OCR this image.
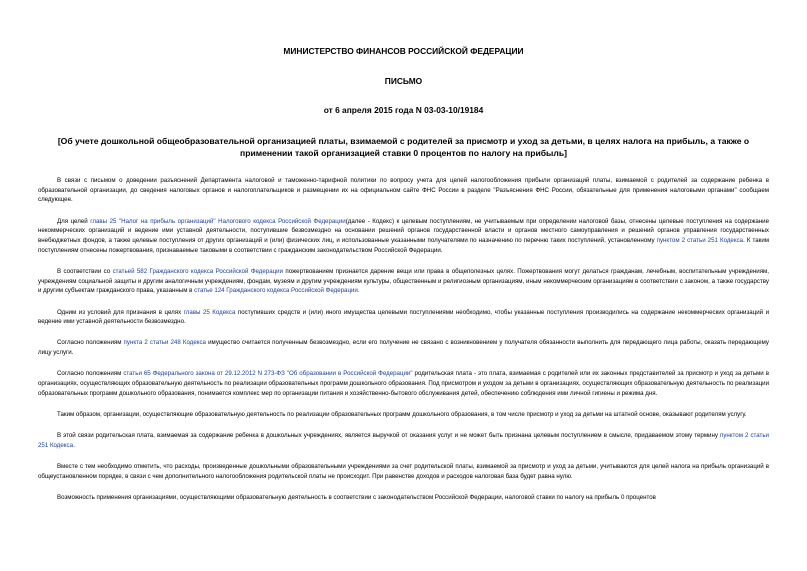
МИНИСТЕРСТВО ФИНАНСОВ РОССИЙСКОЙ ФЕДЕРАЦИИ
ПИСЬМО
от 6 апреля 2015 года N 03-03-10/19184
[Об учете дошкольной общеобразовательной организацией платы, взимаемой с родителей за присмотр и уход за детьми, в целях налога на прибыль, а также о применении такой организацией ставки 0 процентов по налогу на прибыль]

В связи с письмом о доведении разъяснений Департамента налоговой и таможенно-тарифной политики по вопросу учета для целей налогообложения прибыли организаций платы, взимаемой с родителей за содержание ребенка в образовательной организации, до сведения налоговых органов и налогоплательщиков и размещении их на официальном сайте ФНС России в разделе "Разъяснения ФНС России, обязательные для применения налоговыми органами" сообщаем следующее.

Для целей главы 25 "Налог на прибыль организаций" Налогового кодекса Российской Федерации(далее - Кодекс) к целевым поступлениям, не учитываемым при определении налоговой базы, отнесены целевые поступления на содержание некоммерческих организаций и ведение ими уставной деятельности, поступившие безвозмездно на основании решений органов государственной власти и органов местного самоуправления и решений органов управления государственных внебюджетных фондов, а также целевые поступления от других организаций и (или) физических лиц, и использованные указанными получателями по назначению по перечню таких поступлений, установленному пунктом 2 статьи 251 Кодекса. К таким поступлениям отнесены пожертвования, признаваемые таковыми в соответствии с гражданским законодательством Российской Федерации.

В соответствии со статьей 582 Гражданского кодекса Российской Федерации пожертвованием признается дарение вещи или права в общеполезных целях. Пожертвования могут делаться гражданам, лечебным, воспитательным учреждениям, учреждениям социальной защиты и другим аналогичным учреждениям, фондам, музеям и другим учреждениям культуры, общественным и религиозным организациям, иным некоммерческим организациям в соответствии с законом, а также государству и другим субъектам гражданского права, указанным в статье 124 Гражданского кодекса Российской Федерации.

Одним из условий для признания в целях главы 25 Кодекса поступивших средств и (или) иного имущества целевыми поступлениями необходимо, чтобы указанные поступления производились на содержание некоммерческих организаций и ведение ими уставной деятельности безвозмездно.

Согласно положениям пункта 2 статьи 248 Кодекса имущество считается полученным безвозмездно, если его получение не связано с возникновением у получателя обязанности выполнить для передающего лица работы, оказать передающему лицу услуги.

Согласно положениям статьи 65 Федерального закона от 29.12.2012 N 273-ФЗ "Об образовании в Российской Федерации" родительская плата - это плата, взимаемая с родителей или их законных представителей за присмотр и уход за детьми в организациях, осуществляющих образовательную деятельность по реализации образовательных программ дошкольного образования. Под присмотром и уходом за детьми в организациях, осуществляющих образовательную деятельность по реализации образовательных программ дошкольного образования, понимается комплекс мер по организации питания и хозяйственно-бытового обслуживания детей, обеспечению соблюдения ими личной гигиены и режима дня.

Таким образом, организации, осуществляющие образовательную деятельность по реализации образовательных программ дошкольного образования, в том числе присмотр и уход за детьми на штатной основе, оказывают родителям услугу.

В этой связи родительская плата, взимаемая за содержание ребенка в дошкольных учреждениях, является выручкой от оказания услуг и не может быть признана целевым поступлением в смысле, придаваемом этому термину пунктом 2 статьи 251 Кодекса.

Вместе с тем необходимо отметить, что расходы, произведенные дошкольными образовательными учреждениями за счет родительской платы, взимаемой за присмотр и уход за детьми, учитываются для целей налога на прибыль организаций в общеустановленном порядке, в связи с чем дополнительного налогообложения родительской платы не происходит. При равенстве доходов и расходов налоговая база будет равна нулю.

Возможность применения организациями, осуществляющими образовательную деятельность в соответствии с законодательством Российской Федерации, налоговой ставки по налогу на прибыль 0 процентов
